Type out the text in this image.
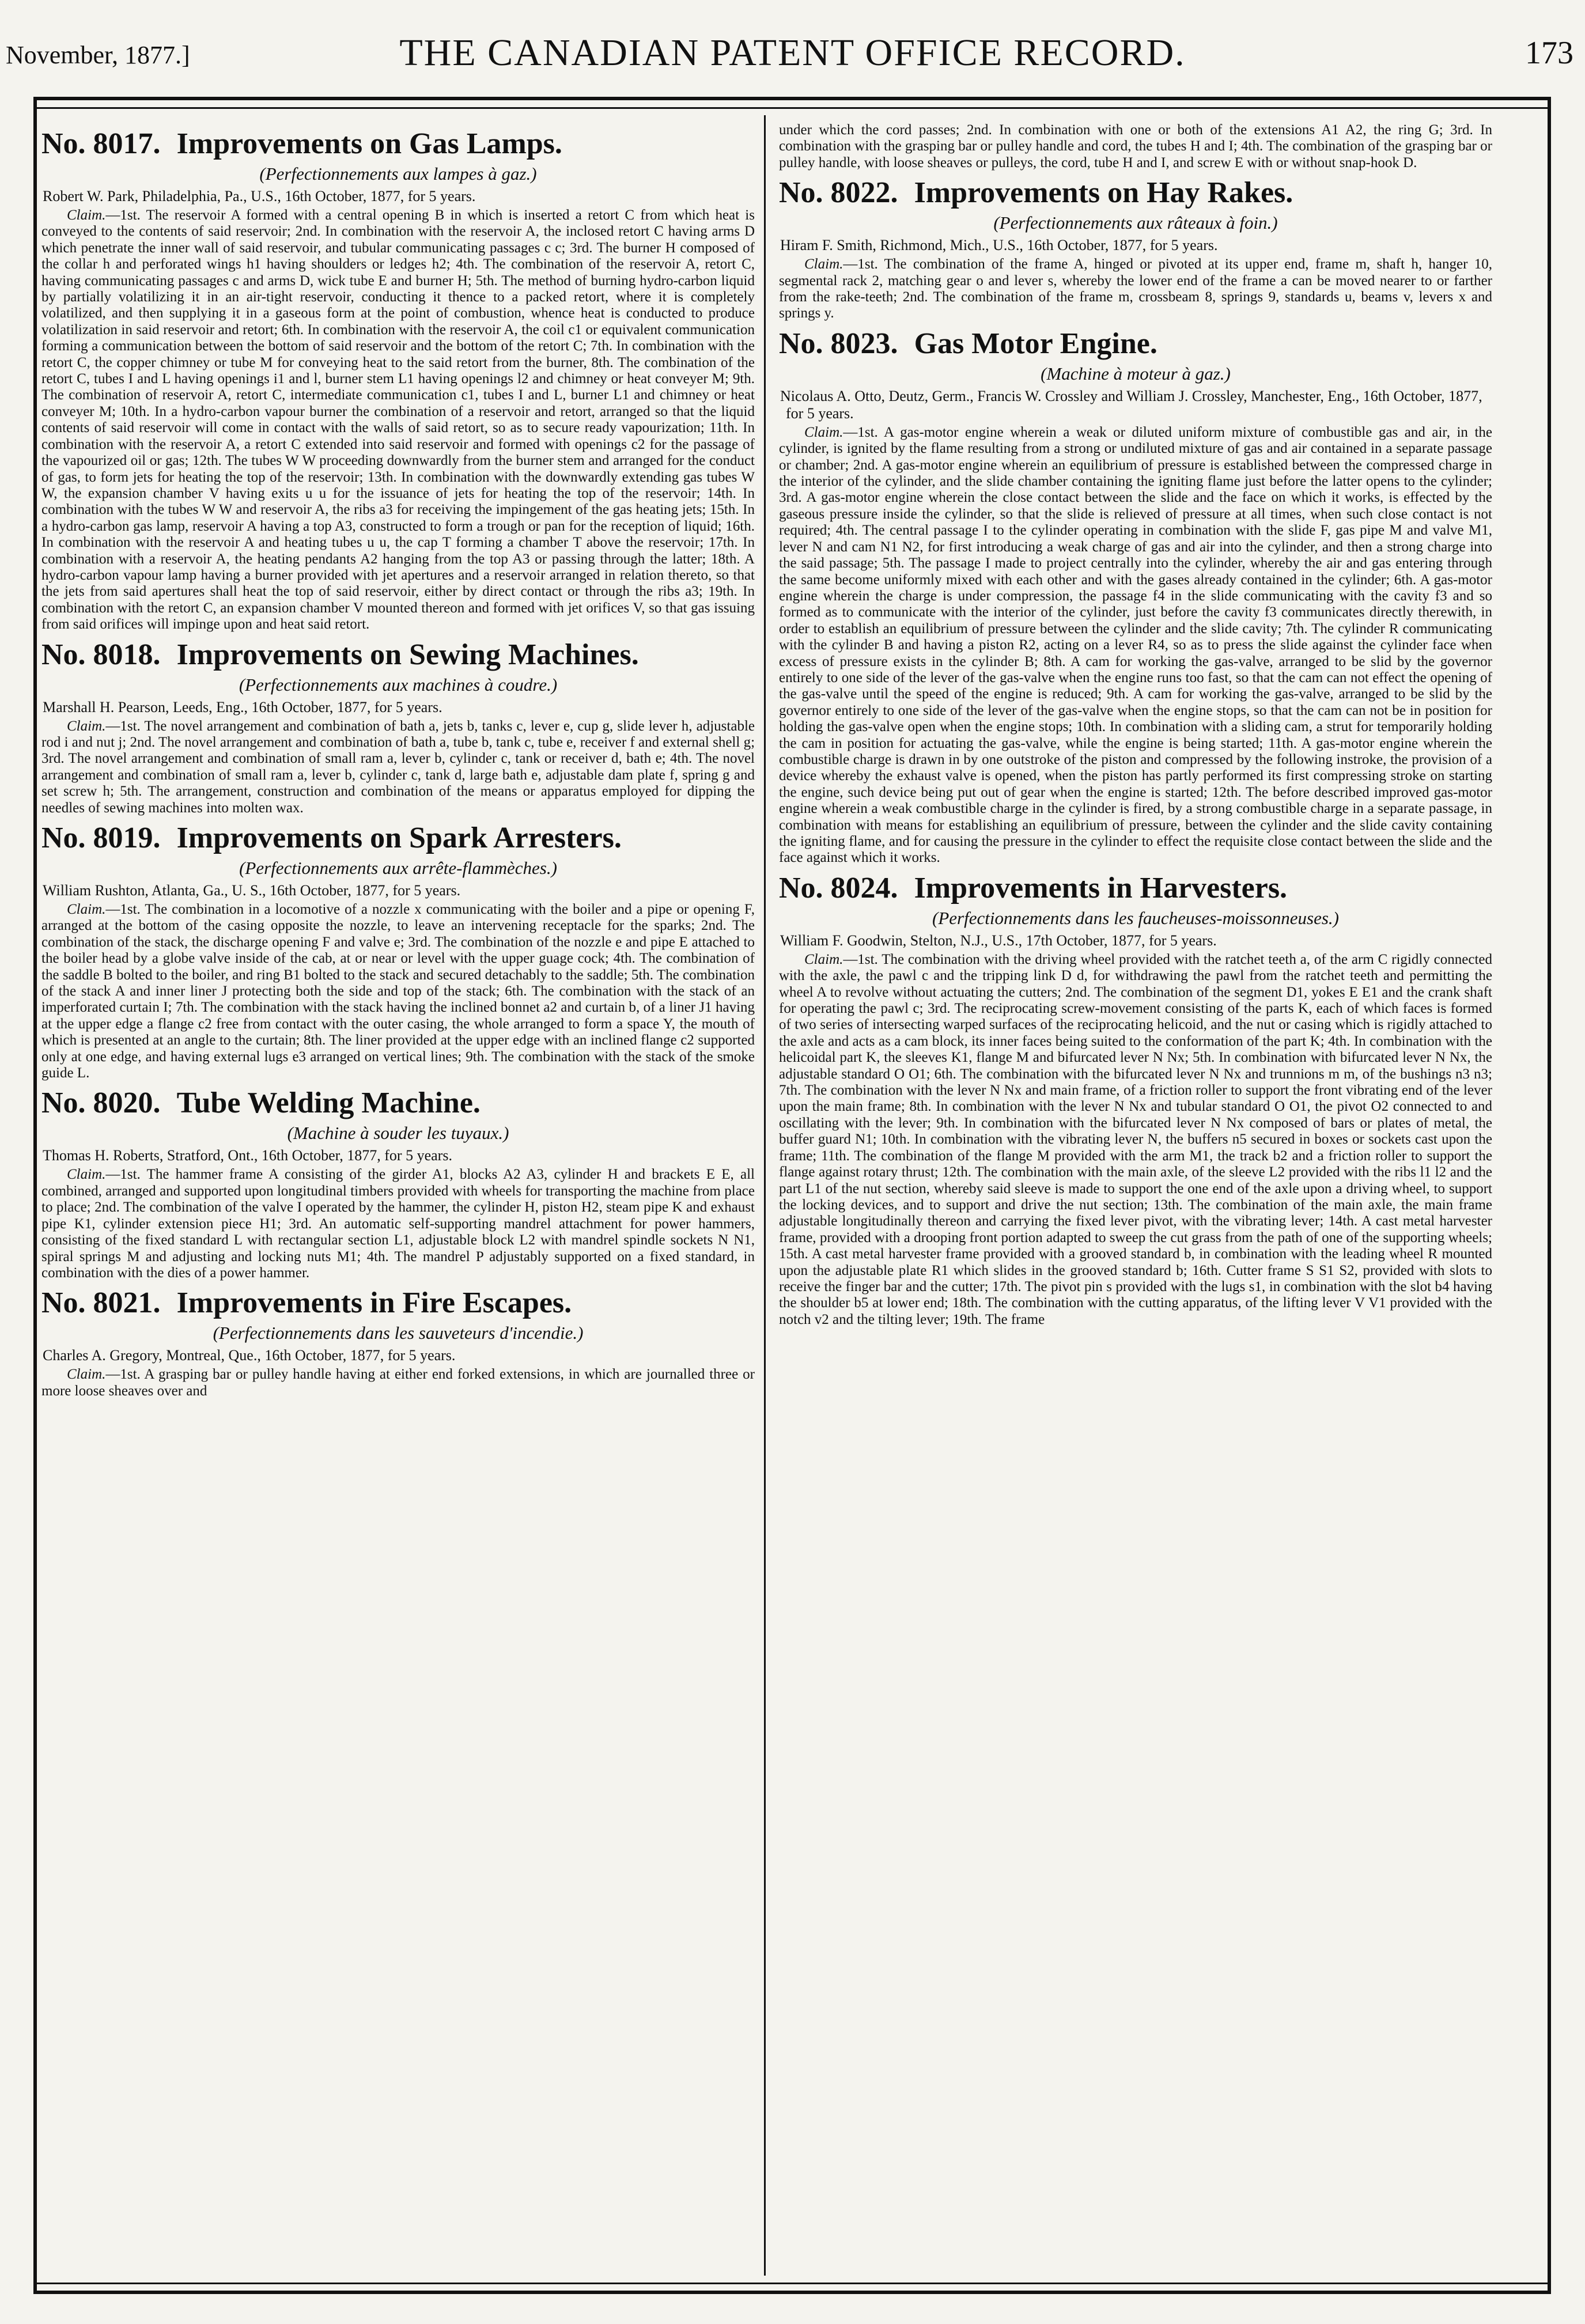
November, 1877.]	THE CANADIAN PATENT OFFICE RECORD.	173
No. 8017. Improvements on Gas Lamps.
(Perfectionnements aux lampes à gaz.)
Robert W. Park, Philadelphia, Pa., U.S., 16th October, 1877, for 5 years.

Claim.—1st. The reservoir A formed with a central opening B in which is inserted a retort C from which heat is conveyed to the contents of said reservoir; 2nd. In combination with the reservoir A, the inclosed retort C having arms D which penetrate the inner wall of said reservoir, and tubular communicating passages c c; 3rd. The burner H composed of the collar h and perforated wings h1 having shoulders or ledges h2; 4th. The combination of the reservoir A, retort C, having communicating passages c and arms D, wick tube E and burner H; 5th. The method of burning hydro-carbon liquid by partially volatilizing it in an air-tight reservoir, conducting it thence to a packed retort, where it is completely volatilized, and then supplying it in a gaseous form at the point of combustion, whence heat is conducted to produce volatilization in said reservoir and retort; 6th. In combination with the reservoir A, the coil c1 or equivalent communication forming a communication between the bottom of said reservoir and the bottom of the retort C; 7th. In combination with the retort C, the copper chimney or tube M for conveying heat to the said retort from the burner, 8th. The combination of the retort C, tubes I and L having openings i1 and l, burner stem L1 having openings l2 and chimney or heat conveyer M; 9th. The combination of reservoir A, retort C, intermediate communication c1, tubes I and L, burner L1 and chimney or heat conveyer M; 10th. In a hydro-carbon vapour burner the combination of a reservoir and retort, arranged so that the liquid contents of said reservoir will come in contact with the walls of said retort, so as to secure ready vapourization; 11th. In combination with the reservoir A, a retort C extended into said reservoir and formed with openings c2 for the passage of the vapourized oil or gas; 12th. The tubes W W proceeding downwardly from the burner stem and arranged for the conduct of gas, to form jets for heating the top of the reservoir; 13th. In combination with the downwardly extending gas tubes W W, the expansion chamber V having exits u u for the issuance of jets for heating the top of the reservoir; 14th. In combination with the tubes W W and reservoir A, the ribs a3 for receiving the impingement of the gas heating jets; 15th. In a hydro-carbon gas lamp, reservoir A having a top A3, constructed to form a trough or pan for the reception of liquid; 16th. In combination with the reservoir A and heating tubes u u, the cap T forming a chamber T above the reservoir; 17th. In combination with a reservoir A, the heating pendants A2 hanging from the top A3 or passing through the latter; 18th. A hydro-carbon vapour lamp having a burner provided with jet apertures and a reservoir arranged in relation thereto, so that the jets from said apertures shall heat the top of said reservoir, either by direct contact or through the ribs a3; 19th. In combination with the retort C, an expansion chamber V mounted thereon and formed with jet orifices V, so that gas issuing from said orifices will impinge upon and heat said retort.

No. 8018. Improvements on Sewing Machines.
(Perfectionnements aux machines à coudre.)
Marshall H. Pearson, Leeds, Eng., 16th October, 1877, for 5 years.

Claim.—1st. The novel arrangement and combination of bath a, jets b, tanks c, lever e, cup g, slide lever h, adjustable rod i and nut j; 2nd. The novel arrangement and combination of bath a, tube b, tank c, tube e, receiver f and external shell g; 3rd. The novel arrangement and combination of small ram a, lever b, cylinder c, tank or receiver d, bath e; 4th. The novel arrangement and combination of small ram a, lever b, cylinder c, tank d, large bath e, adjustable dam plate f, spring g and set screw h; 5th. The arrangement, construction and combination of the means or apparatus employed for dipping the needles of sewing machines into molten wax.

No. 8019. Improvements on Spark Arresters.
(Perfectionnements aux arrête-flammèches.)
William Rushton, Atlanta, Ga., U. S., 16th October, 1877, for 5 years.

Claim.—1st. The combination in a locomotive of a nozzle x communicating with the boiler and a pipe or opening F, arranged at the bottom of the casing opposite the nozzle, to leave an intervening receptacle for the sparks; 2nd. The combination of the stack, the discharge opening F and valve e; 3rd. The combination of the nozzle e and pipe E attached to the boiler head by a globe valve inside of the cab, at or near or level with the upper guage cock; 4th. The combination of the saddle B bolted to the boiler, and ring B1 bolted to the stack and secured detachably to the saddle; 5th. The combination of the stack A and inner liner J protecting both the side and top of the stack; 6th. The combination with the stack of an imperforated curtain I; 7th. The combination with the stack having the inclined bonnet a2 and curtain b, of a liner J1 having at the upper edge a flange c2 free from contact with the outer casing, the whole arranged to form a space Y, the mouth of which is presented at an angle to the curtain; 8th. The liner provided at the upper edge with an inclined flange c2 supported only at one edge, and having external lugs e3 arranged on vertical lines; 9th. The combination with the stack of the smoke guide L.

No. 8020. Tube Welding Machine.
(Machine à souder les tuyaux.)
Thomas H. Roberts, Stratford, Ont., 16th October, 1877, for 5 years.

Claim.—1st. The hammer frame A consisting of the girder A1, blocks A2 A3, cylinder H and brackets E E, all combined, arranged and supported upon longitudinal timbers provided with wheels for transporting the machine from place to place; 2nd. The combination of the valve I operated by the hammer, the cylinder H, piston H2, steam pipe K and exhaust pipe K1, cylinder extension piece H1; 3rd. An automatic self-supporting mandrel attachment for power hammers, consisting of the fixed standard L with rectangular section L1, adjustable block L2 with mandrel spindle sockets N N1, spiral springs M and adjusting and locking nuts M1; 4th. The mandrel P adjustably supported on a fixed standard, in combination with the dies of a power hammer.

No. 8021. Improvements in Fire Escapes.
(Perfectionnements dans les sauveteurs d'incendie.)
Charles A. Gregory, Montreal, Que., 16th October, 1877, for 5 years.

Claim.—1st. A grasping bar or pulley handle having at either end forked extensions, in which are journalled three or more loose sheaves over and

under which the cord passes; 2nd. In combination with one or both of the extensions A1 A2, the ring G; 3rd. In combination with the grasping bar or pulley handle and cord, the tubes H and I; 4th. The combination of the grasping bar or pulley handle, with loose sheaves or pulleys, the cord, tube H and I, and screw E with or without snap-hook D.

No. 8022. Improvements on Hay Rakes.
(Perfectionnements aux râteaux à foin.)
Hiram F. Smith, Richmond, Mich., U.S., 16th October, 1877, for 5 years.

Claim.—1st. The combination of the frame A, hinged or pivoted at its upper end, frame m, shaft h, hanger 10, segmental rack 2, matching gear o and lever s, whereby the lower end of the frame a can be moved nearer to or farther from the rake-teeth; 2nd. The combination of the frame m, crossbeam 8, springs 9, standards u, beams v, levers x and springs y.

No. 8023. Gas Motor Engine.
(Machine à moteur à gaz.)
Nicolaus A. Otto, Deutz, Germ., Francis W. Crossley and William J. Crossley, Manchester, Eng., 16th October, 1877, for 5 years.

Claim.—1st. A gas-motor engine wherein a weak or diluted uniform mixture of combustible gas and air, in the cylinder, is ignited by the flame resulting from a strong or undiluted mixture of gas and air contained in a separate passage or chamber; 2nd. A gas-motor engine wherein an equilibrium of pressure is established between the compressed charge in the interior of the cylinder, and the slide chamber containing the igniting flame just before the latter opens to the cylinder; 3rd. A gas-motor engine wherein the close contact between the slide and the face on which it works, is effected by the gaseous pressure inside the cylinder, so that the slide is relieved of pressure at all times, when such close contact is not required; 4th. The central passage I to the cylinder operating in combination with the slide F, gas pipe M and valve M1, lever N and cam N1 N2, for first introducing a weak charge of gas and air into the cylinder, and then a strong charge into the said passage; 5th. The passage I made to project centrally into the cylinder, whereby the air and gas entering through the same become uniformly mixed with each other and with the gases already contained in the cylinder; 6th. A gas-motor engine wherein the charge is under compression, the passage f4 in the slide communicating with the cavity f3 and so formed as to communicate with the interior of the cylinder, just before the cavity f3 communicates directly therewith, in order to establish an equilibrium of pressure between the cylinder and the slide cavity; 7th. The cylinder R communicating with the cylinder B and having a piston R2, acting on a lever R4, so as to press the slide against the cylinder face when excess of pressure exists in the cylinder B; 8th. A cam for working the gas-valve, arranged to be slid by the governor entirely to one side of the lever of the gas-valve when the engine runs too fast, so that the cam can not effect the opening of the gas-valve until the speed of the engine is reduced; 9th. A cam for working the gas-valve, arranged to be slid by the governor entirely to one side of the lever of the gas-valve when the engine stops, so that the cam can not be in position for holding the gas-valve open when the engine stops; 10th. In combination with a sliding cam, a strut for temporarily holding the cam in position for actuating the gas-valve, while the engine is being started; 11th. A gas-motor engine wherein the combustible charge is drawn in by one outstroke of the piston and compressed by the following instroke, the provision of a device whereby the exhaust valve is opened, when the piston has partly performed its first compressing stroke on starting the engine, such device being put out of gear when the engine is started; 12th. The before described improved gas-motor engine wherein a weak combustible charge in the cylinder is fired, by a strong combustible charge in a separate passage, in combination with means for establishing an equilibrium of pressure, between the cylinder and the slide cavity containing the igniting flame, and for causing the pressure in the cylinder to effect the requisite close contact between the slide and the face against which it works.

No. 8024. Improvements in Harvesters.
(Perfectionnements dans les faucheuses-moissonneuses.)
William F. Goodwin, Stelton, N.J., U.S., 17th October, 1877, for 5 years.

Claim.—1st. The combination with the driving wheel provided with the ratchet teeth a, of the arm C rigidly connected with the axle, the pawl c and the tripping link D d, for withdrawing the pawl from the ratchet teeth and permitting the wheel A to revolve without actuating the cutters; 2nd. The combination of the segment D1, yokes E E1 and the crank shaft for operating the pawl c; 3rd. The reciprocating screw-movement consisting of the parts K, each of which faces is formed of two series of intersecting warped surfaces of the reciprocating helicoid, and the nut or casing which is rigidly attached to the axle and acts as a cam block, its inner faces being suited to the conformation of the part K; 4th. In combination with the helicoidal part K, the sleeves K1, flange M and bifurcated lever N Nx; 5th. In combination with bifurcated lever N Nx, the adjustable standard O O1; 6th. The combination with the bifurcated lever N Nx and trunnions m m, of the bushings n3 n3; 7th. The combination with the lever N Nx and main frame, of a friction roller to support the front vibrating end of the lever upon the main frame; 8th. In combination with the lever N Nx and tubular standard O O1, the pivot O2 connected to and oscillating with the lever; 9th. In combination with the bifurcated lever N Nx composed of bars or plates of metal, the buffer guard N1; 10th. In combination with the vibrating lever N, the buffers n5 secured in boxes or sockets cast upon the frame; 11th. The combination of the flange M provided with the arm M1, the track b2 and a friction roller to support the flange against rotary thrust; 12th. The combination with the main axle, of the sleeve L2 provided with the ribs l1 l2 and the part L1 of the nut section, whereby said sleeve is made to support the one end of the axle upon a driving wheel, to support the locking devices, and to support and drive the nut section; 13th. The combination of the main axle, the main frame adjustable longitudinally thereon and carrying the fixed lever pivot, with the vibrating lever; 14th. A cast metal harvester frame, provided with a drooping front portion adapted to sweep the cut grass from the path of one of the supporting wheels; 15th. A cast metal harvester frame provided with a grooved standard b, in combination with the leading wheel R mounted upon the adjustable plate R1 which slides in the grooved standard b; 16th. Cutter frame S S1 S2, provided with slots to receive the finger bar and the cutter; 17th. The pivot pin s provided with the lugs s1, in combination with the slot b4 having the shoulder b5 at lower end; 18th. The combination with the cutting apparatus, of the lifting lever V V1 provided with the notch v2 and the tilting lever; 19th. The frame
